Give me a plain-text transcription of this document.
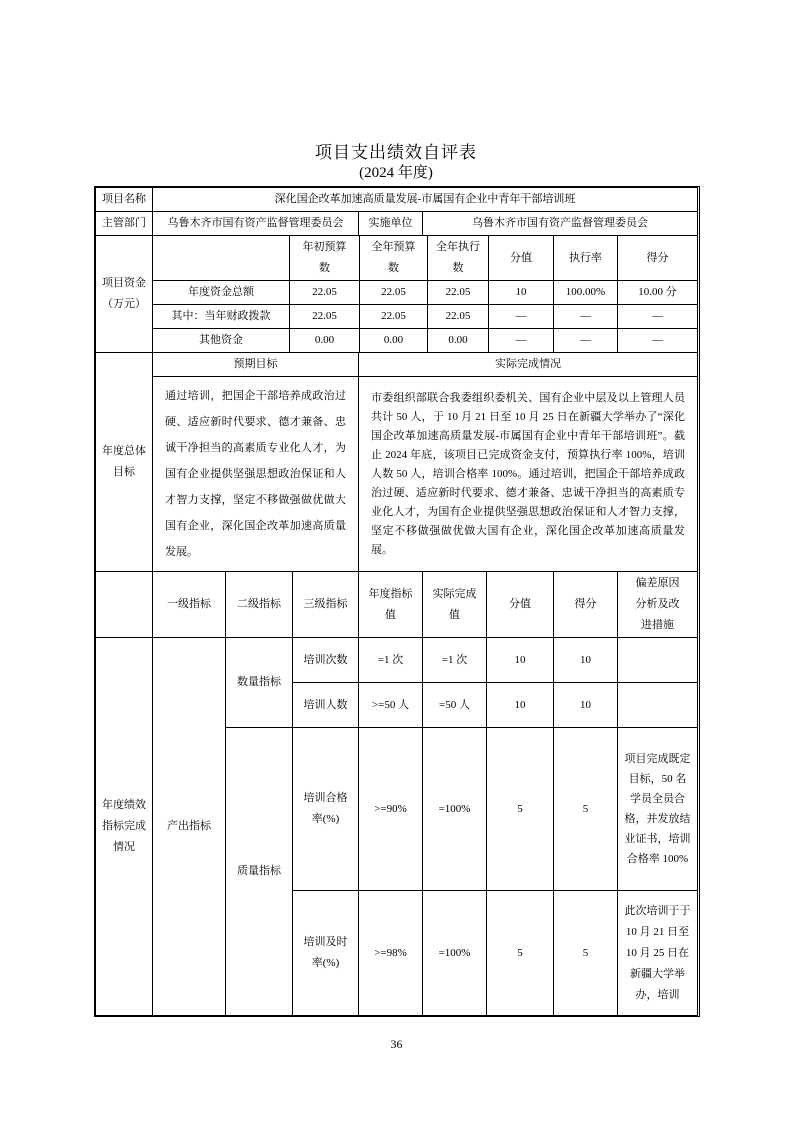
项目支出绩效自评表
(2024 年度)
项目名称	深化国企改革加速高质量发展-市属国有企业中青年干部培训班		
主管部门	乌鲁木齐市国有资产监督管理委员会	实施单位	乌鲁木齐市国有资产监督管理委员会
项目资金（万元）		年初预算数	全年预算数	全年执行数	分值	执行率	得分
	年度资金总额	22.05	22.05	22.05	10	100.00%	10.00 分
	其中：当年财政拨款	22.05	22.05	22.05	—	—	—
	其他资金	0.00	0.00	0.00	—	—	—
年度总体目标	预期目标	实际完成情况
	通过培训，把国企干部培养成政治过硬、适应新时代要求、德才兼备、忠诚干净担当的高素质专业化人才，为国有企业提供坚强思想政治保证和人才智力支撑，坚定不移做强做优做大国有企业，深化国企改革加速高质量发展。	市委组织部联合我委组织委机关、国有企业中层及以上管理人员共计 50 人，于 10 月 21 日至 10 月 25 日在新疆大学举办了“深化国企改革加速高质量发展-市属国有企业中青年干部培训班”。截止 2024 年底，该项目已完成资金支付，预算执行率 100%，培训人数 50 人，培训合格率 100%。通过培训，把国企干部培养成政治过硬、适应新时代要求、德才兼备、忠诚干净担当的高素质专业化人才，为国有企业提供坚强思想政治保证和人才智力支撑，坚定不移做强做优做大国有企业，深化国企改革加速高质量发展。
	一级指标	二级指标	三级指标	年度指标值	实际完成值	分值	得分	偏差原因分析及改进措施
年度绩效指标完成情况	产出指标	数量指标	培训次数	=1 次	=1 次	10	10	
			培训人数	>=50 人	=50 人	10	10	
		质量指标	培训合格率(%)	>=90%	=100%	5	5	项目完成既定目标，50 名学员全员合格，并发放结业证书，培训合格率 100%
			培训及时率(%)	>=98%	=100%	5	5	此次培训于于 10 月 21 日至 10 月 25 日在新疆大学举办，培训
36
